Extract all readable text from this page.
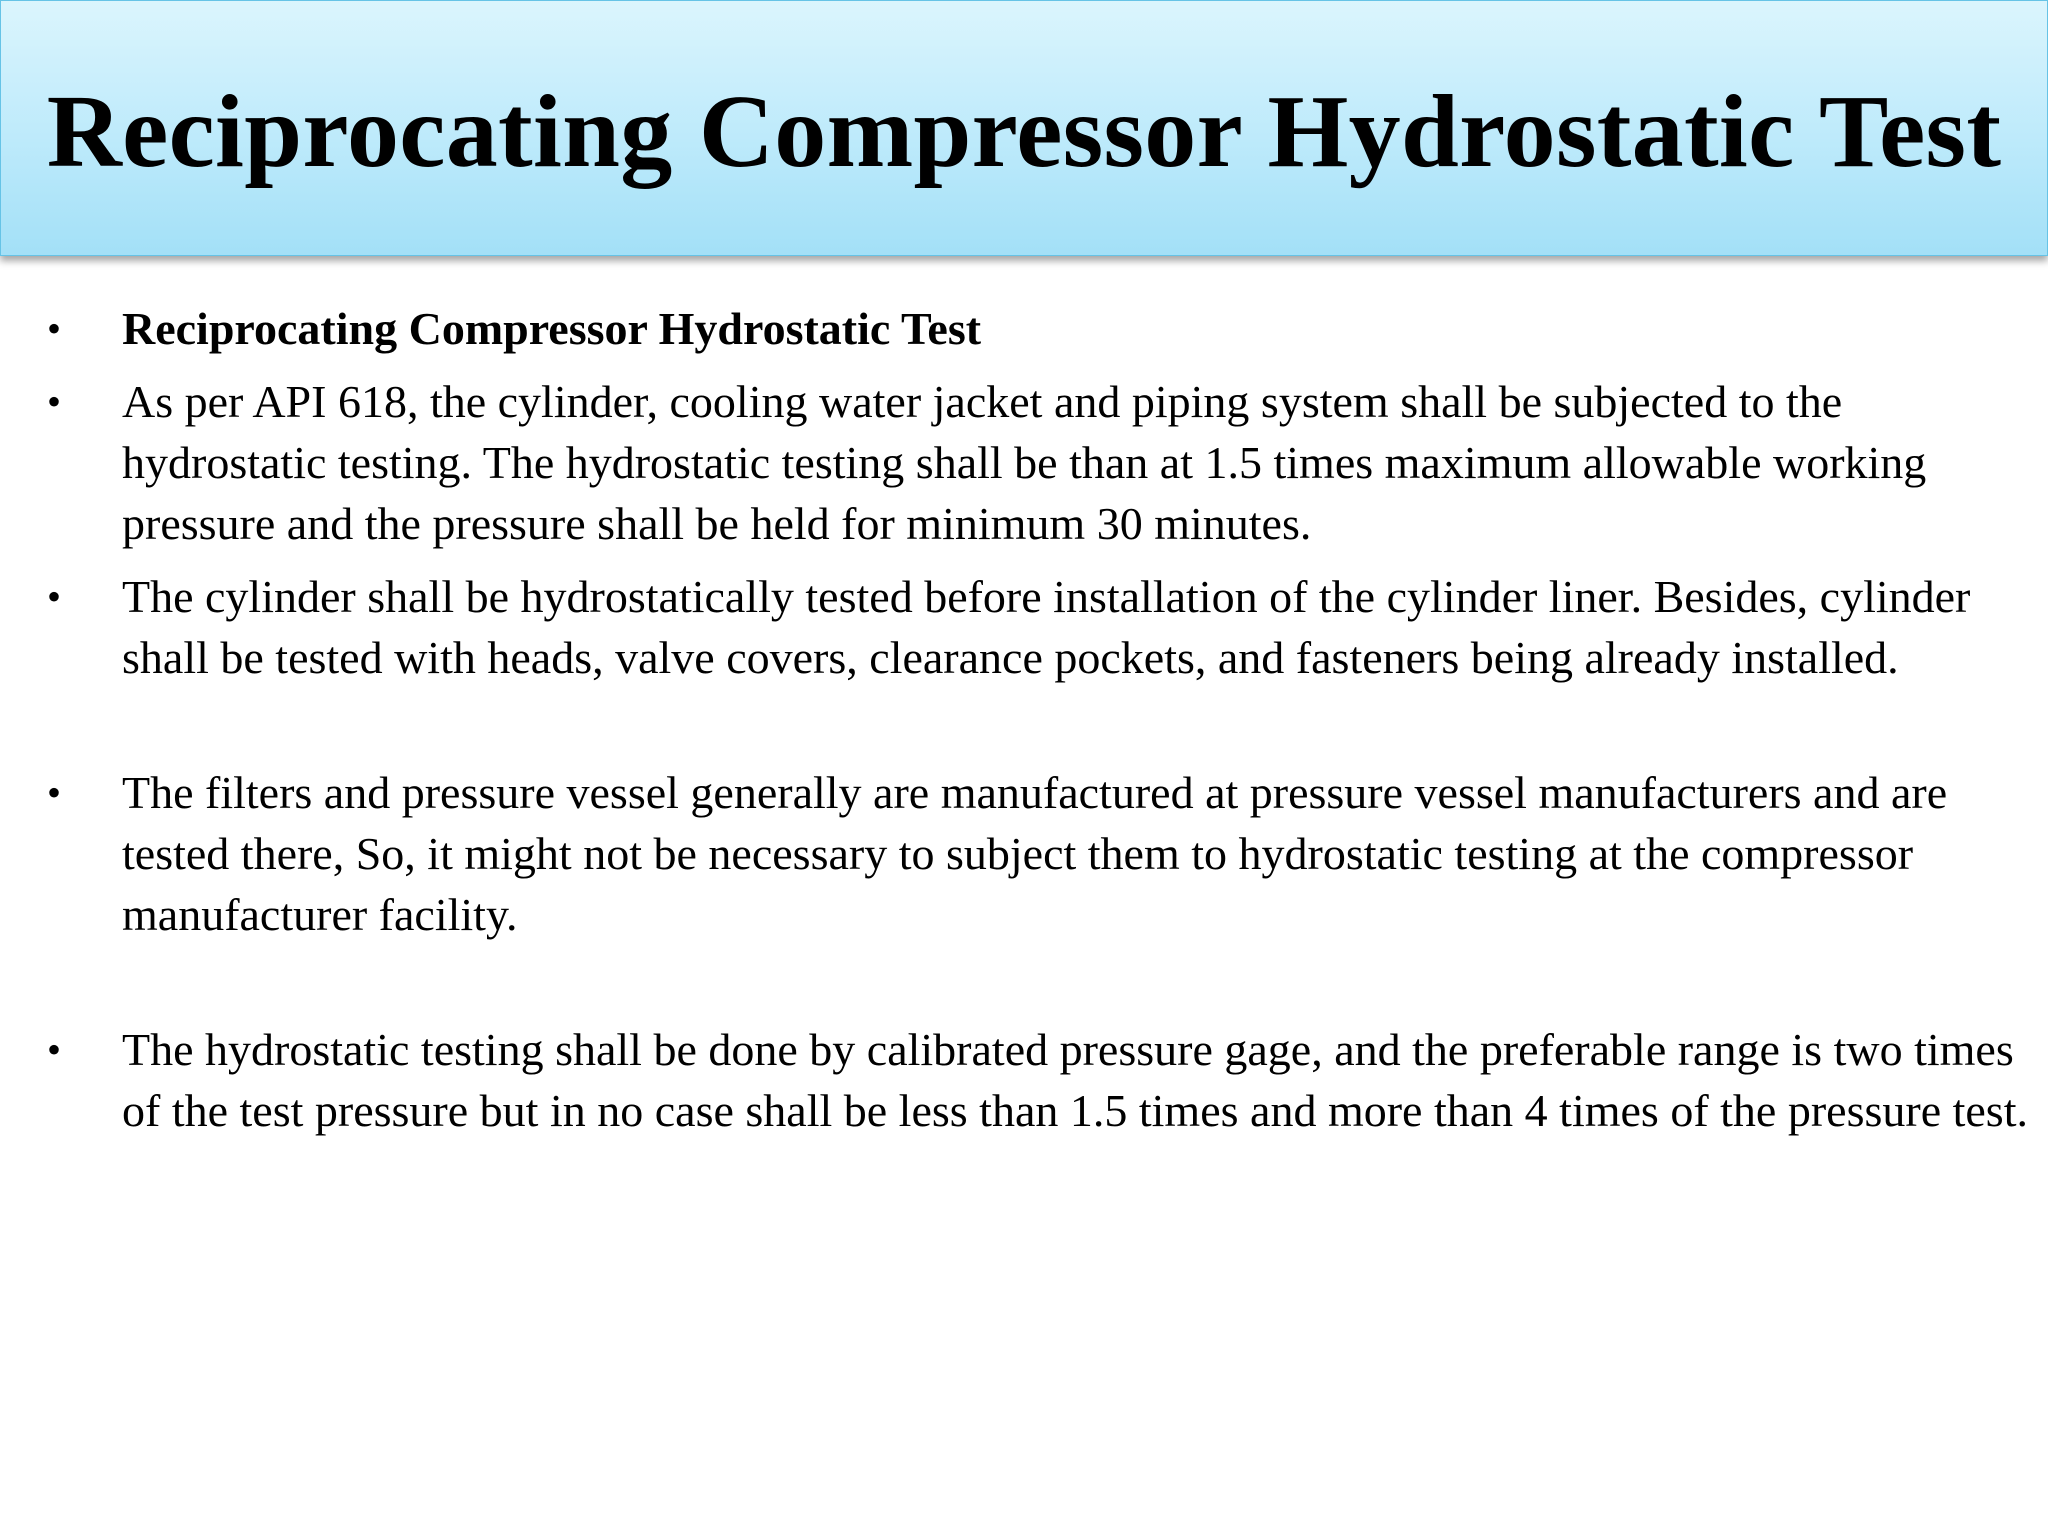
Reciprocating Compressor Hydrostatic Test
• Reciprocating Compressor Hydrostatic Test
• As per API 618, the cylinder, cooling water jacket and piping system shall be subjected to the hydrostatic testing. The hydrostatic testing shall be than at 1.5 times maximum allowable working pressure and the pressure shall be held for minimum 30 minutes.
• The cylinder shall be hydrostatically tested before installation of the cylinder liner. Besides, cylinder shall be tested with heads, valve covers, clearance pockets, and fasteners being already installed.
• The filters and pressure vessel generally are manufactured at pressure vessel manufacturers and are tested there, So, it might not be necessary to subject them to hydrostatic testing at the compressor manufacturer facility.
• The hydrostatic testing shall be done by calibrated pressure gage, and the preferable range is two times of the test pressure but in no case shall be less than 1.5 times and more than 4 times of the pressure test.
